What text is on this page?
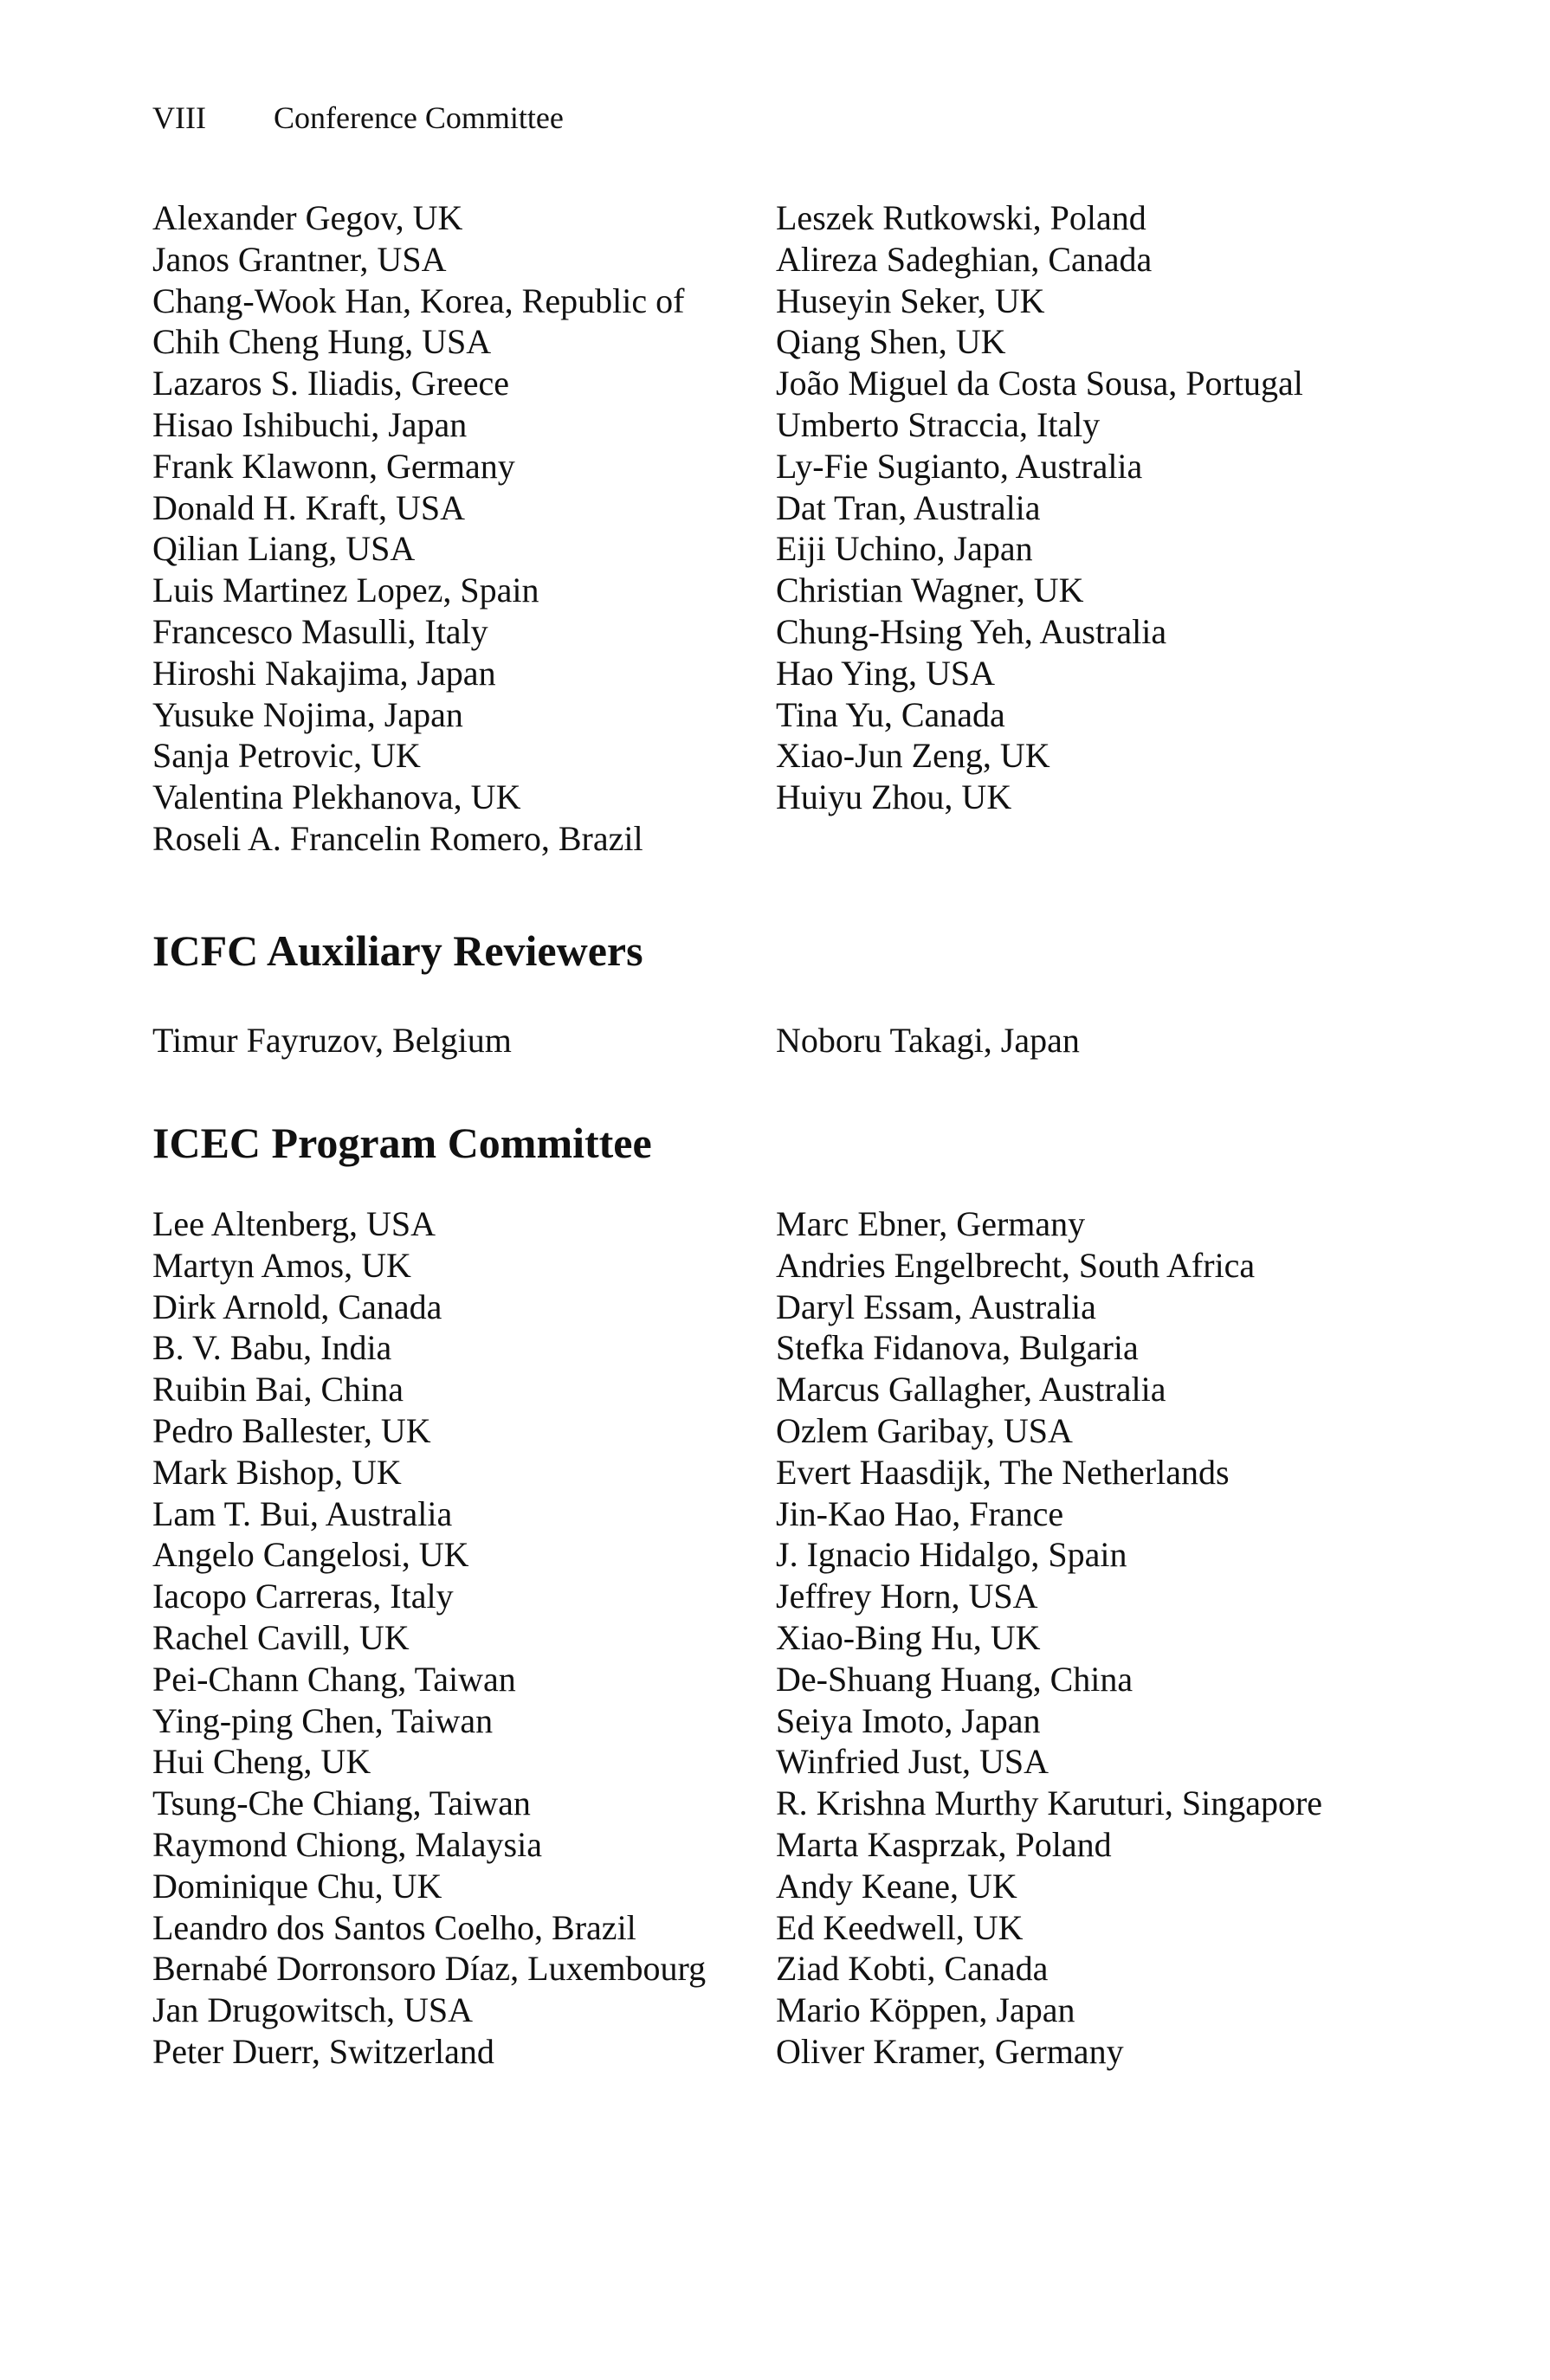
VIII Conference Committee
Alexander Gegov, UK
Janos Grantner, USA
Chang-Wook Han, Korea, Republic of
Chih Cheng Hung, USA
Lazaros S. Iliadis, Greece
Hisao Ishibuchi, Japan
Frank Klawonn, Germany
Donald H. Kraft, USA
Qilian Liang, USA
Luis Martinez Lopez, Spain
Francesco Masulli, Italy
Hiroshi Nakajima, Japan
Yusuke Nojima, Japan
Sanja Petrovic, UK
Valentina Plekhanova, UK
Roseli A. Francelin Romero, Brazil
Leszek Rutkowski, Poland
Alireza Sadeghian, Canada
Huseyin Seker, UK
Qiang Shen, UK
João Miguel da Costa Sousa, Portugal
Umberto Straccia, Italy
Ly-Fie Sugianto, Australia
Dat Tran, Australia
Eiji Uchino, Japan
Christian Wagner, UK
Chung-Hsing Yeh, Australia
Hao Ying, USA
Tina Yu, Canada
Xiao-Jun Zeng, UK
Huiyu Zhou, UK
ICFC Auxiliary Reviewers
Timur Fayruzov, Belgium	Noboru Takagi, Japan
ICEC Program Committee
Lee Altenberg, USA
Martyn Amos, UK
Dirk Arnold, Canada
B. V. Babu, India
Ruibin Bai, China
Pedro Ballester, UK
Mark Bishop, UK
Lam T. Bui, Australia
Angelo Cangelosi, UK
Iacopo Carreras, Italy
Rachel Cavill, UK
Pei-Chann Chang, Taiwan
Ying-ping Chen, Taiwan
Hui Cheng, UK
Tsung-Che Chiang, Taiwan
Raymond Chiong, Malaysia
Dominique Chu, UK
Leandro dos Santos Coelho, Brazil
Bernabé Dorronsoro Díaz, Luxembourg
Jan Drugowitsch, USA
Peter Duerr, Switzerland
Marc Ebner, Germany
Andries Engelbrecht, South Africa
Daryl Essam, Australia
Stefka Fidanova, Bulgaria
Marcus Gallagher, Australia
Ozlem Garibay, USA
Evert Haasdijk, The Netherlands
Jin-Kao Hao, France
J. Ignacio Hidalgo, Spain
Jeffrey Horn, USA
Xiao-Bing Hu, UK
De-Shuang Huang, China
Seiya Imoto, Japan
Winfried Just, USA
R. Krishna Murthy Karuturi, Singapore
Marta Kasprzak, Poland
Andy Keane, UK
Ed Keedwell, UK
Ziad Kobti, Canada
Mario Köppen, Japan
Oliver Kramer, Germany
